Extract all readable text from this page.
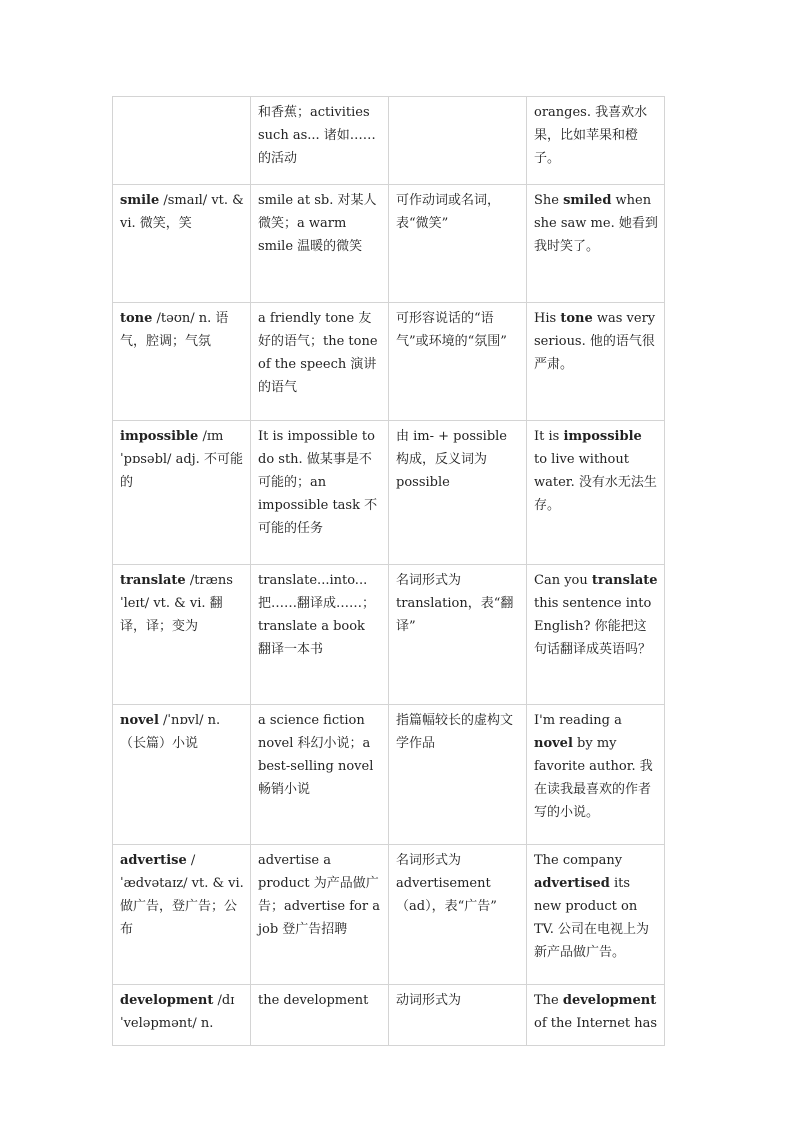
	和香蕉；activities such as... 诸如……的活动		oranges. 我喜欢水果，比如苹果和橙子。
smile /smaɪl/ vt. & vi. 微笑，笑	smile at sb. 对某人微笑；a warm smile 温暖的微笑	可作动词或名词，表“微笑”	She smiled when she saw me. 她看到我时笑了。
tone /təʊn/ n. 语气，腔调；气氛	a friendly tone 友好的语气；the tone of the speech 演讲的语气	可形容说话的“语气”或环境的“氛围”	His tone was very serious. 他的语气很严肃。
impossible /ɪmˈpɒsəbl/ adj. 不可能的	It is impossible to do sth. 做某事是不可能的；an impossible task 不可能的任务	由 im- + possible 构成，反义词为 possible	It is impossible to live without water. 没有水无法生存。
translate /trænsˈleɪt/ vt. & vi. 翻译，译；变为	translate...into... 把……翻译成……；translate a book 翻译一本书	名词形式为 translation，表“翻译”	Can you translate this sentence into English? 你能把这句话翻译成英语吗？
novel /ˈnɒvl/ n. （长篇）小说	a science fiction novel 科幻小说；a best-selling novel 畅销小说	指篇幅较长的虚构文学作品	I'm reading a novel by my favorite author. 我在读我最喜欢的作者写的小说。
advertise /ˈædvətaɪz/ vt. & vi. 做广告，登广告；公布	advertise a product 为产品做广告；advertise for a job 登广告招聘	名词形式为 advertisement（ad），表“广告”	The company advertised its new product on TV. 公司在电视上为新产品做广告。
development /dɪˈveləpmənt/ n.	the development	动词形式为	The development of the Internet has
